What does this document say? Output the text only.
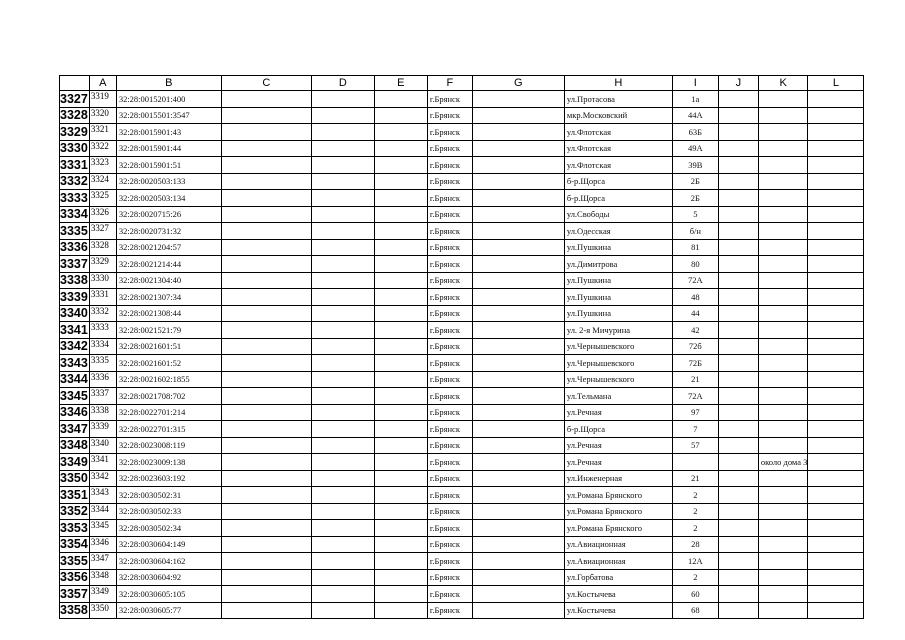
	A	B	C	D	E	F	G	H	I	J	K	L
3327	3319	32:28:0015201:400				г.Брянск		ул.Протасова	1а			
3328	3320	32:28:0015501:3547				г.Брянск		мкр.Московский	44А			
3329	3321	32:28:0015901:43				г.Брянск		ул.Флотская	63Б			
3330	3322	32:28:0015901:44				г.Брянск		ул.Флотская	49А			
3331	3323	32:28:0015901:51				г.Брянск		ул.Флотская	39В			
3332	3324	32:28:0020503:133				г.Брянск		б-р.Щорса	2Б			
3333	3325	32:28:0020503:134				г.Брянск		б-р.Щорса	2Б			
3334	3326	32:28:0020715:26				г.Брянск		ул.Свободы	5			
3335	3327	32:28:0020731:32				г.Брянск		ул.Одесская	б/н			
3336	3328	32:28:0021204:57				г.Брянск		ул.Пушкина	81			
3337	3329	32:28:0021214:44				г.Брянск		ул.Димитрова	80			
3338	3330	32:28:0021304:40				г.Брянск		ул.Пушкина	72А			
3339	3331	32:28:0021307:34				г.Брянск		ул.Пушкина	48			
3340	3332	32:28:0021308:44				г.Брянск		ул.Пушкина	44			
3341	3333	32:28:0021521:79				г.Брянск		ул. 2-я Мичурина	42			
3342	3334	32:28:0021601:51				г.Брянск		ул.Чернышевского	72б			
3343	3335	32:28:0021601:52				г.Брянск		ул.Чернышевского	72Б			
3344	3336	32:28:0021602:1855				г.Брянск		ул.Чернышевского	21			
3345	3337	32:28:0021708:702				г.Брянск		ул.Тельмана	72А			
3346	3338	32:28:0022701:214				г.Брянск		ул.Речная	97			
3347	3339	32:28:0022701:315				г.Брянск		б-р.Щорса	7			
3348	3340	32:28:0023008:119				г.Брянск		ул.Речная	57			
3349	3341	32:28:0023009:138				г.Брянск		ул.Речная			около дома 3	
3350	3342	32:28:0023603:192				г.Брянск		ул.Инженерная	21			
3351	3343	32:28:0030502:31				г.Брянск		ул.Романа Брянского	2			
3352	3344	32:28:0030502:33				г.Брянск		ул.Романа Брянского	2			
3353	3345	32:28:0030502:34				г.Брянск		ул.Романа Брянского	2			
3354	3346	32:28:0030604:149				г.Брянск		ул.Авиационная	28			
3355	3347	32:28:0030604:162				г.Брянск		ул.Авиационная	12А			
3356	3348	32:28:0030604:92				г.Брянск		ул.Горбатова	2			
3357	3349	32:28:0030605:105				г.Брянск		ул.Костычева	60			
3358	3350	32:28:0030605:77				г.Брянск		ул.Костычева	68			
